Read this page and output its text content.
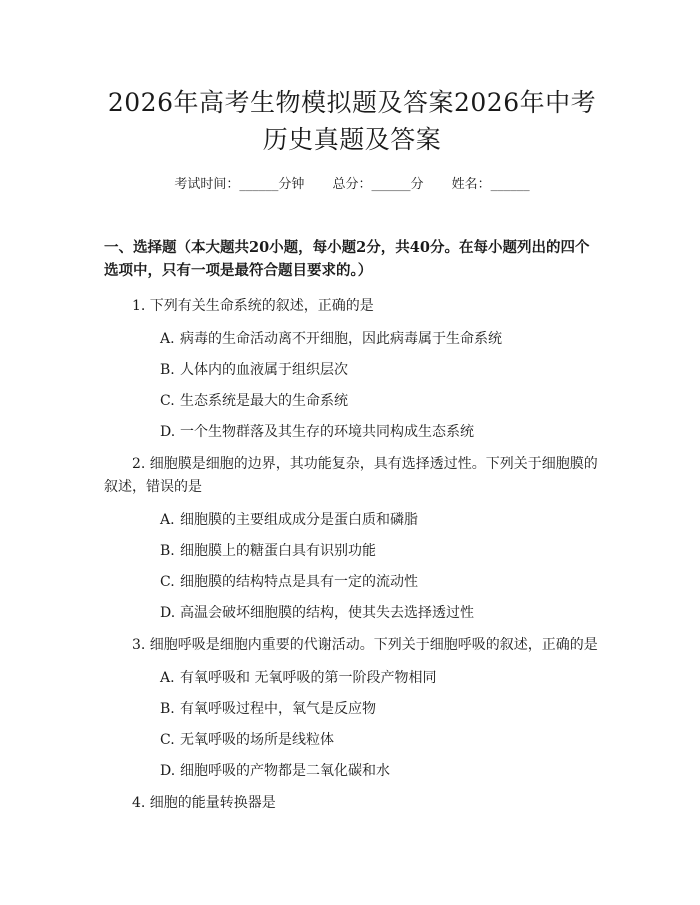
2026年高考生物模拟题及答案2026年中考
历史真题及答案
考试时间：______分钟 总分：______分 姓名：______
一、选择题（本大题共20小题，每小题2分，共40分。在每小题列出的四个选项中，只有一项是最符合题目要求的。）
1. 下列有关生命系统的叙述，正确的是
A. 病毒的生命活动离不开细胞，因此病毒属于生命系统
B. 人体内的血液属于组织层次
C. 生态系统是最大的生命系统
D. 一个生物群落及其生存的环境共同构成生态系统
2. 细胞膜是细胞的边界，其功能复杂，具有选择透过性。下列关于细胞膜的叙述，错误的是
A. 细胞膜的主要组成成分是蛋白质和磷脂
B. 细胞膜上的糖蛋白具有识别功能
C. 细胞膜的结构特点是具有一定的流动性
D. 高温会破坏细胞膜的结构，使其失去选择透过性
3. 细胞呼吸是细胞内重要的代谢活动。下列关于细胞呼吸的叙述，正确的是
A. 有氧呼吸和 无氧呼吸的第一阶段产物相同
B. 有氧呼吸过程中，氧气是反应物
C. 无氧呼吸的场所是线粒体
D. 细胞呼吸的产物都是二氧化碳和水
4. 细胞的能量转换器是
